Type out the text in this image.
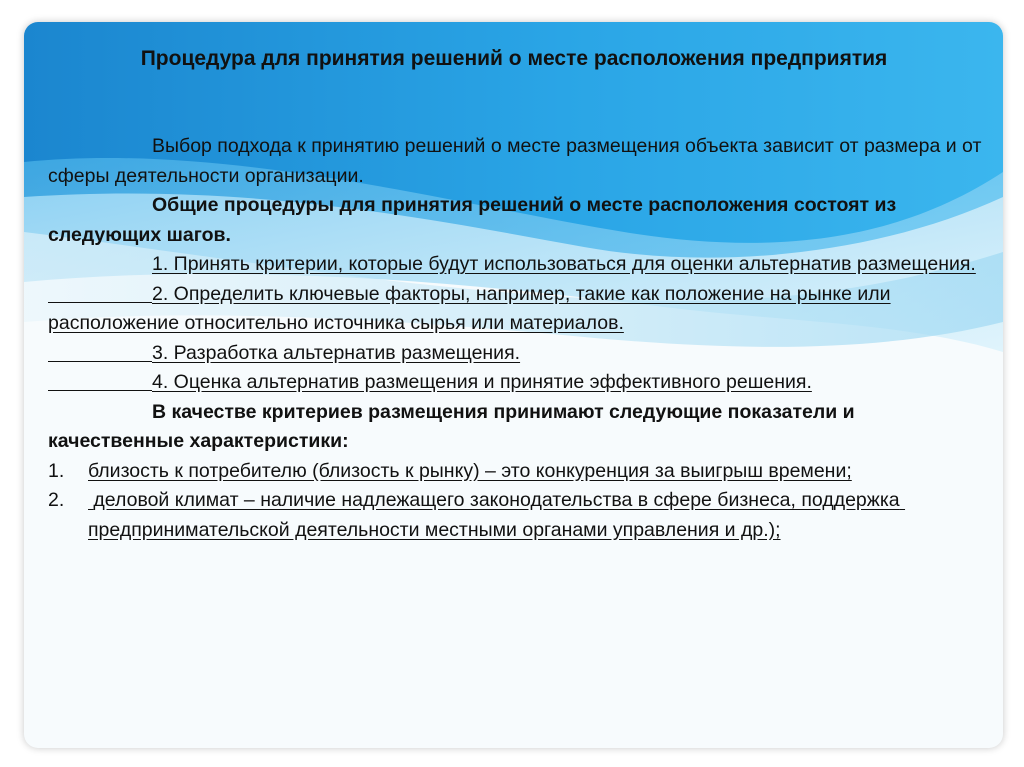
Процедура для принятия решений о месте расположения предприятия

Выбор подхода к принятию решений о месте размещения объекта зависит от размера и от сферы деятельности организации.

Общие процедуры для принятия решений о месте расположения состоят из следующих шагов.

1. Принять критерии, которые будут использоваться для оценки альтернатив размещения.

2. Определить ключевые факторы, например, такие как положение на рынке или расположение относительно источника сырья или материалов.

3. Разработка альтернатив размещения.

4. Оценка альтернатив размещения и принятие эффективного решения.

В качестве критериев размещения принимают следующие показатели и качественные характеристики:

1. близость к потребителю (близость к рынку) – это конкуренция за выигрыш времени;
2. деловой климат – наличие надлежащего законодательства в сфере бизнеса, поддержка предпринимательской деятельности местными органами управления и др.);
